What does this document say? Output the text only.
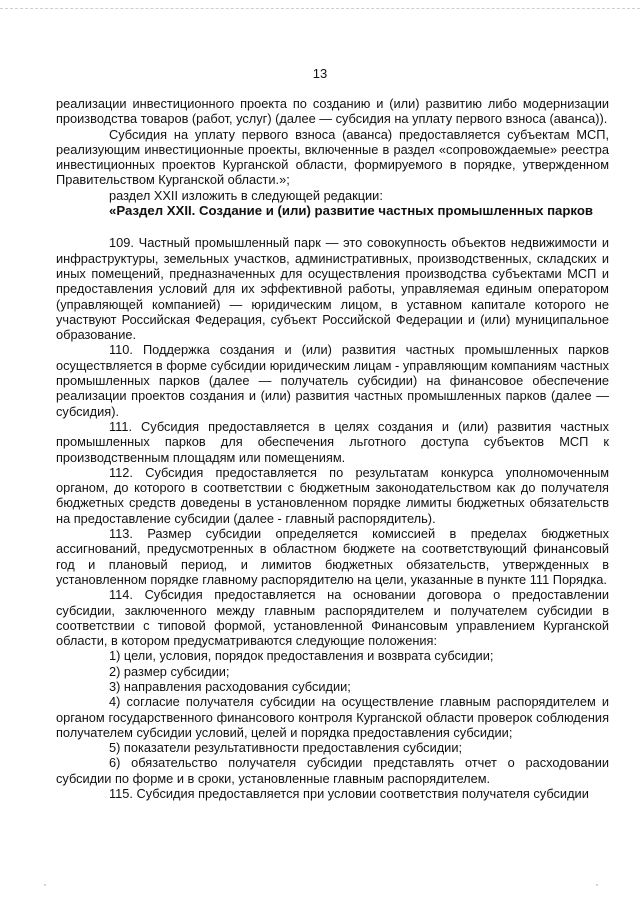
13

реализации инвестиционного проекта по созданию и (или) развитию либо модернизации производства товаров (работ, услуг) (далее — субсидия на уплату первого взноса (аванса)).

Субсидия на уплату первого взноса (аванса) предоставляется субъектам МСП, реализующим инвестиционные проекты, включенные в раздел «сопровождаемые» реестра инвестиционных проектов Курганской области, формируемого в порядке, утвержденном Правительством Курганской области.»;

раздел XXII изложить в следующей редакции:

«Раздел XXII. Создание и (или) развитие частных промышленных парков

109. Частный промышленный парк — это совокупность объектов недвижимости и инфраструктуры, земельных участков, административных, производственных, складских и иных помещений, предназначенных для осуществления производства субъектами МСП и предоставления условий для их эффективной работы, управляемая единым оператором (управляющей компанией) — юридическим лицом, в уставном капитале которого не участвуют Российская Федерация, субъект Российской Федерации и (или) муниципальное образование.

110. Поддержка создания и (или) развития частных промышленных парков осуществляется в форме субсидии юридическим лицам - управляющим компаниям частных промышленных парков (далее — получатель субсидии) на финансовое обеспечение реализации проектов создания и (или) развития частных промышленных парков (далее — субсидия).

111. Субсидия предоставляется в целях создания и (или) развития частных промышленных парков для обеспечения льготного доступа субъектов МСП к производственным площадям или помещениям.

112. Субсидия предоставляется по результатам конкурса уполномоченным органом, до которого в соответствии с бюджетным законодательством как до получателя бюджетных средств доведены в установленном порядке лимиты бюджетных обязательств на предоставление субсидии (далее - главный распорядитель).

113. Размер субсидии определяется комиссией в пределах бюджетных ассигнований, предусмотренных в областном бюджете на соответствующий финансовый год и плановый период, и лимитов бюджетных обязательств, утвержденных в установленном порядке главному распорядителю на цели, указанные в пункте 111 Порядка.

114. Субсидия предоставляется на основании договора о предоставлении субсидии, заключенного между главным распорядителем и получателем субсидии в соответствии с типовой формой, установленной Финансовым управлением Курганской области, в котором предусматриваются следующие положения:

1) цели, условия, порядок предоставления и возврата субсидии;

2) размер субсидии;

3) направления расходования субсидии;

4) согласие получателя субсидии на осуществление главным распорядителем и органом государственного финансового контроля Курганской области проверок соблюдения получателем субсидии условий, целей и порядка предоставления субсидии;

5) показатели результативности предоставления субсидии;

6) обязательство получателя субсидии представлять отчет о расходовании субсидии по форме и в сроки, установленные главным распорядителем.

115. Субсидия предоставляется при условии соответствия получателя субсидии
